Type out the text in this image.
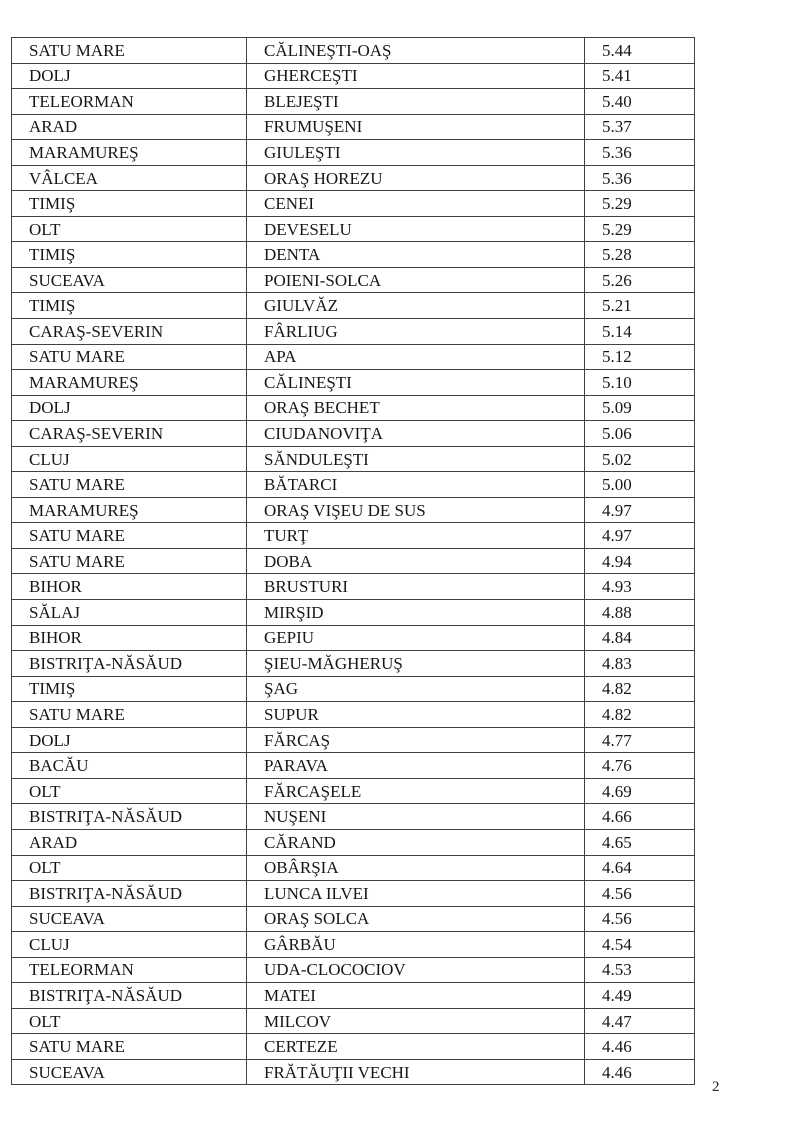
SATU MARE	CĂLINEŞTI-OAŞ	5.44
DOLJ	GHERCEŞTI	5.41
TELEORMAN	BLEJEŞTI	5.40
ARAD	FRUMUŞENI	5.37
MARAMUREŞ	GIULEŞTI	5.36
VÂLCEA	ORAŞ HOREZU	5.36
TIMIŞ	CENEI	5.29
OLT	DEVESELU	5.29
TIMIŞ	DENTA	5.28
SUCEAVA	POIENI-SOLCA	5.26
TIMIŞ	GIULVĂZ	5.21
CARAŞ-SEVERIN	FÂRLIUG	5.14
SATU MARE	APA	5.12
MARAMUREŞ	CĂLINEŞTI	5.10
DOLJ	ORAŞ BECHET	5.09
CARAŞ-SEVERIN	CIUDANOVIŢA	5.06
CLUJ	SĂNDULEŞTI	5.02
SATU MARE	BĂTARCI	5.00
MARAMUREŞ	ORAŞ VIŞEU DE SUS	4.97
SATU MARE	TURŢ	4.97
SATU MARE	DOBA	4.94
BIHOR	BRUSTURI	4.93
SĂLAJ	MIRŞID	4.88
BIHOR	GEPIU	4.84
BISTRIŢA-NĂSĂUD	ŞIEU-MĂGHERUŞ	4.83
TIMIŞ	ŞAG	4.82
SATU MARE	SUPUR	4.82
DOLJ	FĂRCAŞ	4.77
BACĂU	PARAVA	4.76
OLT	FĂRCAŞELE	4.69
BISTRIŢA-NĂSĂUD	NUŞENI	4.66
ARAD	CĂRAND	4.65
OLT	OBÂRŞIA	4.64
BISTRIŢA-NĂSĂUD	LUNCA ILVEI	4.56
SUCEAVA	ORAŞ SOLCA	4.56
CLUJ	GÂRBĂU	4.54
TELEORMAN	UDA-CLOCOCIOV	4.53
BISTRIŢA-NĂSĂUD	MATEI	4.49
OLT	MILCOV	4.47
SATU MARE	CERTEZE	4.46
SUCEAVA	FRĂTĂUŢII VECHI	4.46
2
